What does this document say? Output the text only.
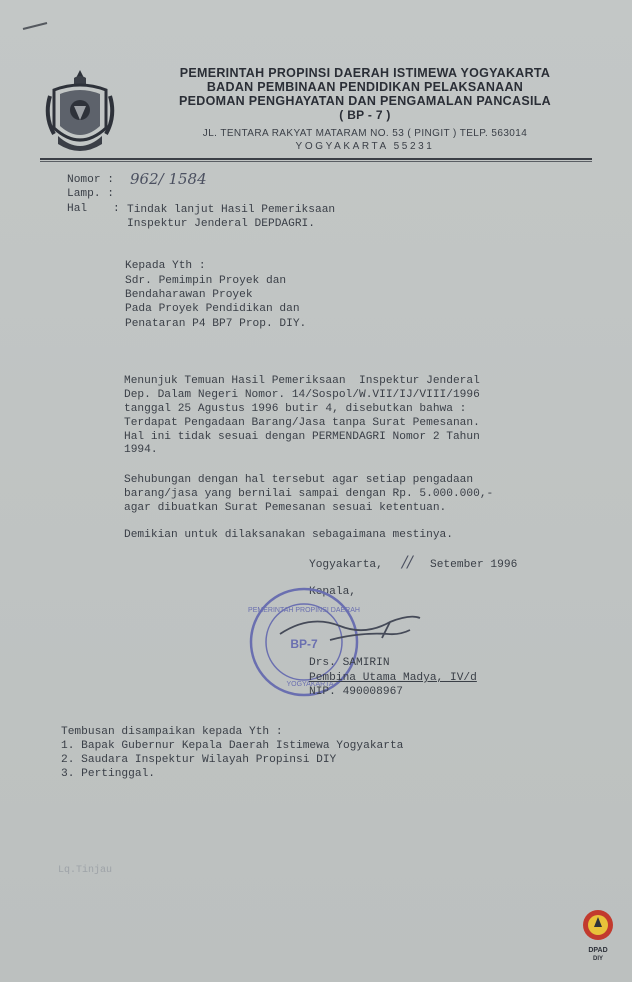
PEMERINTAH PROPINSI DAERAH ISTIMEWA YOGYAKARTA
BADAN PEMBINAAN PENDIDIKAN PELAKSANAAN
PEDOMAN PENGHAYATAN DAN PENGAMALAN PANCASILA
( BP - 7 )
JL. TENTARA RAKYAT MATARAM NO. 53 ( PINGIT ) TELP. 563014
YOGYAKARTA 55231
Nomor : 962/ 1584
Lamp. :
Hal : Tindak lanjut Hasil Pemeriksaan
Inspektur Jenderal DEPDAGRI.
Kepada Yth :
Sdr. Pemimpin Proyek dan
Bendaharawan Proyek
Pada Proyek Pendidikan dan
Penataran P4 BP7 Prop. DIY.
Menunjuk Temuan Hasil Pemeriksaan  Inspektur Jenderal
Dep. Dalam Negeri Nomor. 14/Sospol/W.VII/IJ/VIII/1996
tanggal 25 Agustus 1996 butir 4, disebutkan bahwa :
Terdapat Pengadaan Barang/Jasa tanpa Surat Pemesanan.
Hal ini tidak sesuai dengan PERMENDAGRI Nomor 2 Tahun
1994.
Sehubungan dengan hal tersebut agar setiap pengadaan
barang/jasa yang bernilai sampai dengan Rp. 5.000.000,-
agar dibuatkan Surat Pemesanan sesuai ketentuan.
Demikian untuk dilaksanakan sebagaimana mestinya.
Yogyakarta, // Setember 1996
Kepala,
PEMERINTAH PROPINSI DAERAH
BP-7
YOGYAKARTA
Drs. SAMIRIN
Pembina Utama Madya, IV/d
NIP. 490008967
Tembusan disampaikan kepada Yth :
1. Bapak Gubernur Kepala Daerah Istimewa Yogyakarta
2. Saudara Inspektur Wilayah Propinsi DIY
3. Pertinggal.
Lq.Tinjau
DPAD
DIY
